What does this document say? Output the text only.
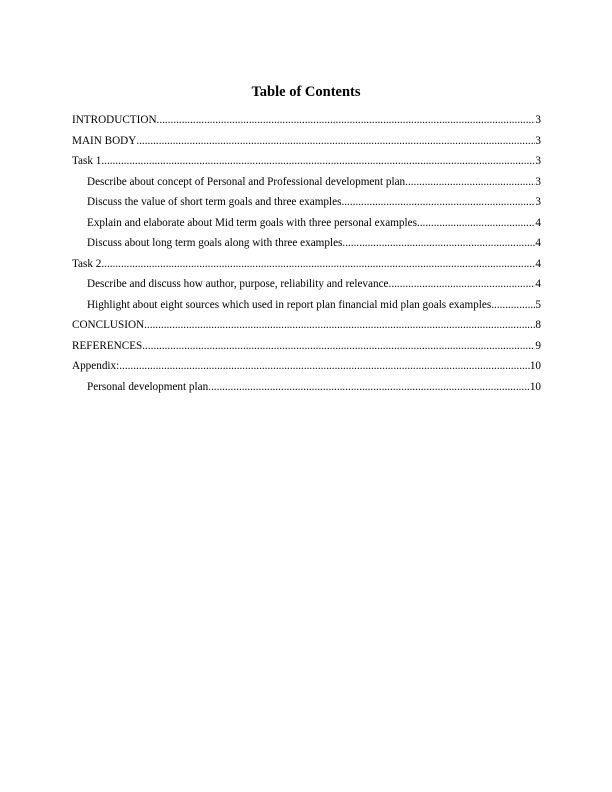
Table of Contents
INTRODUCTION .....	3
MAIN BODY .....	3
Task 1 .....	3
Describe about concept of Personal and Professional development plan .....	3
Discuss the value of short term goals and three examples .....	3
Explain and elaborate about Mid term goals with three personal examples .....	4
Discuss about long term goals along with three examples .....	4
Task 2 .....	4
Describe and discuss how author, purpose, reliability and relevance .....	4
Highlight about eight sources which used in report plan financial mid plan goals examples. .....	5
CONCLUSION .....	8
REFERENCES .....	9
Appendix: .....	10
Personal development plan .....	10
